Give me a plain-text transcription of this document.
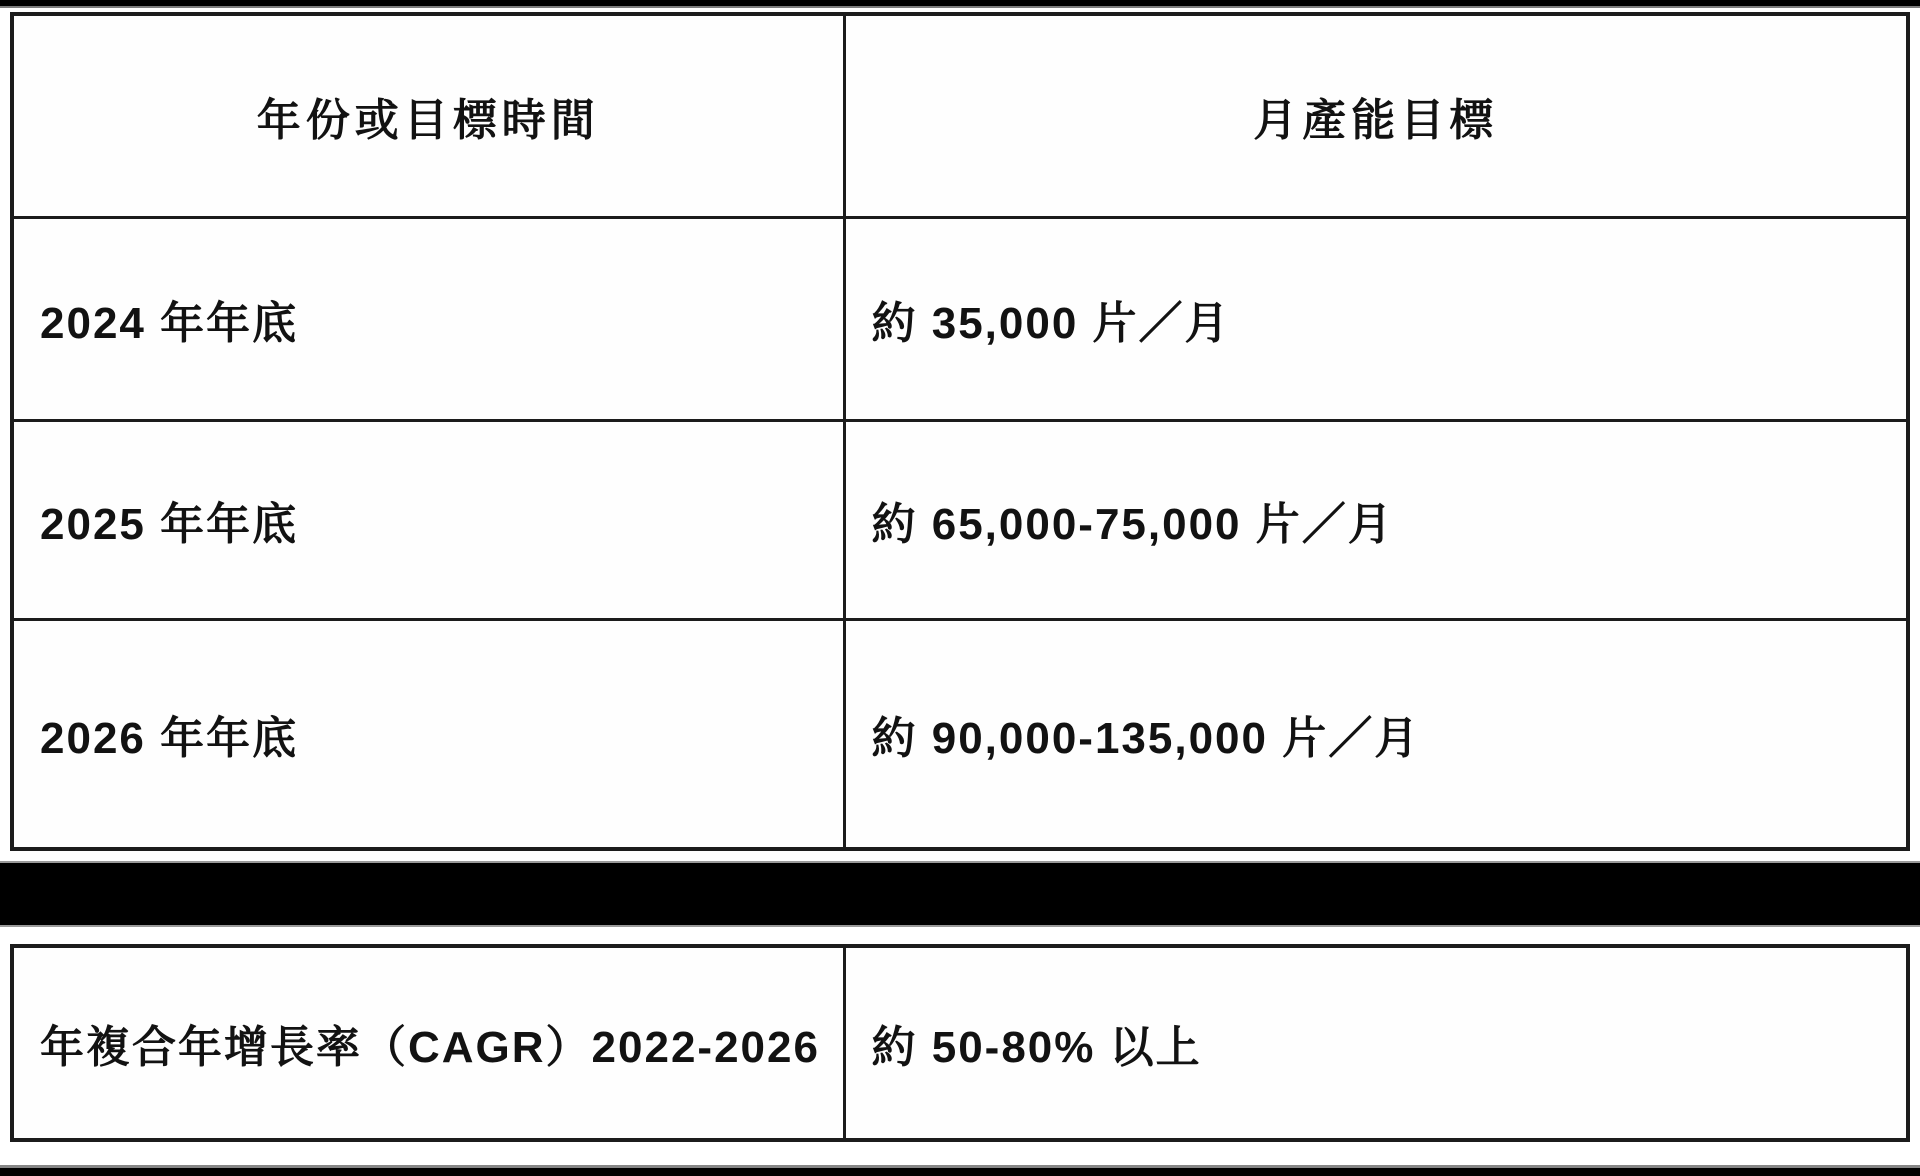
年份或目標時間	月產能目標
2024 年年底	約 35,000 片／月
2025 年年底	約 65,000-75,000 片／月
2026 年年底	約 90,000-135,000 片／月
年複合年增長率（CAGR）2022-2026	約 50-80% 以上
